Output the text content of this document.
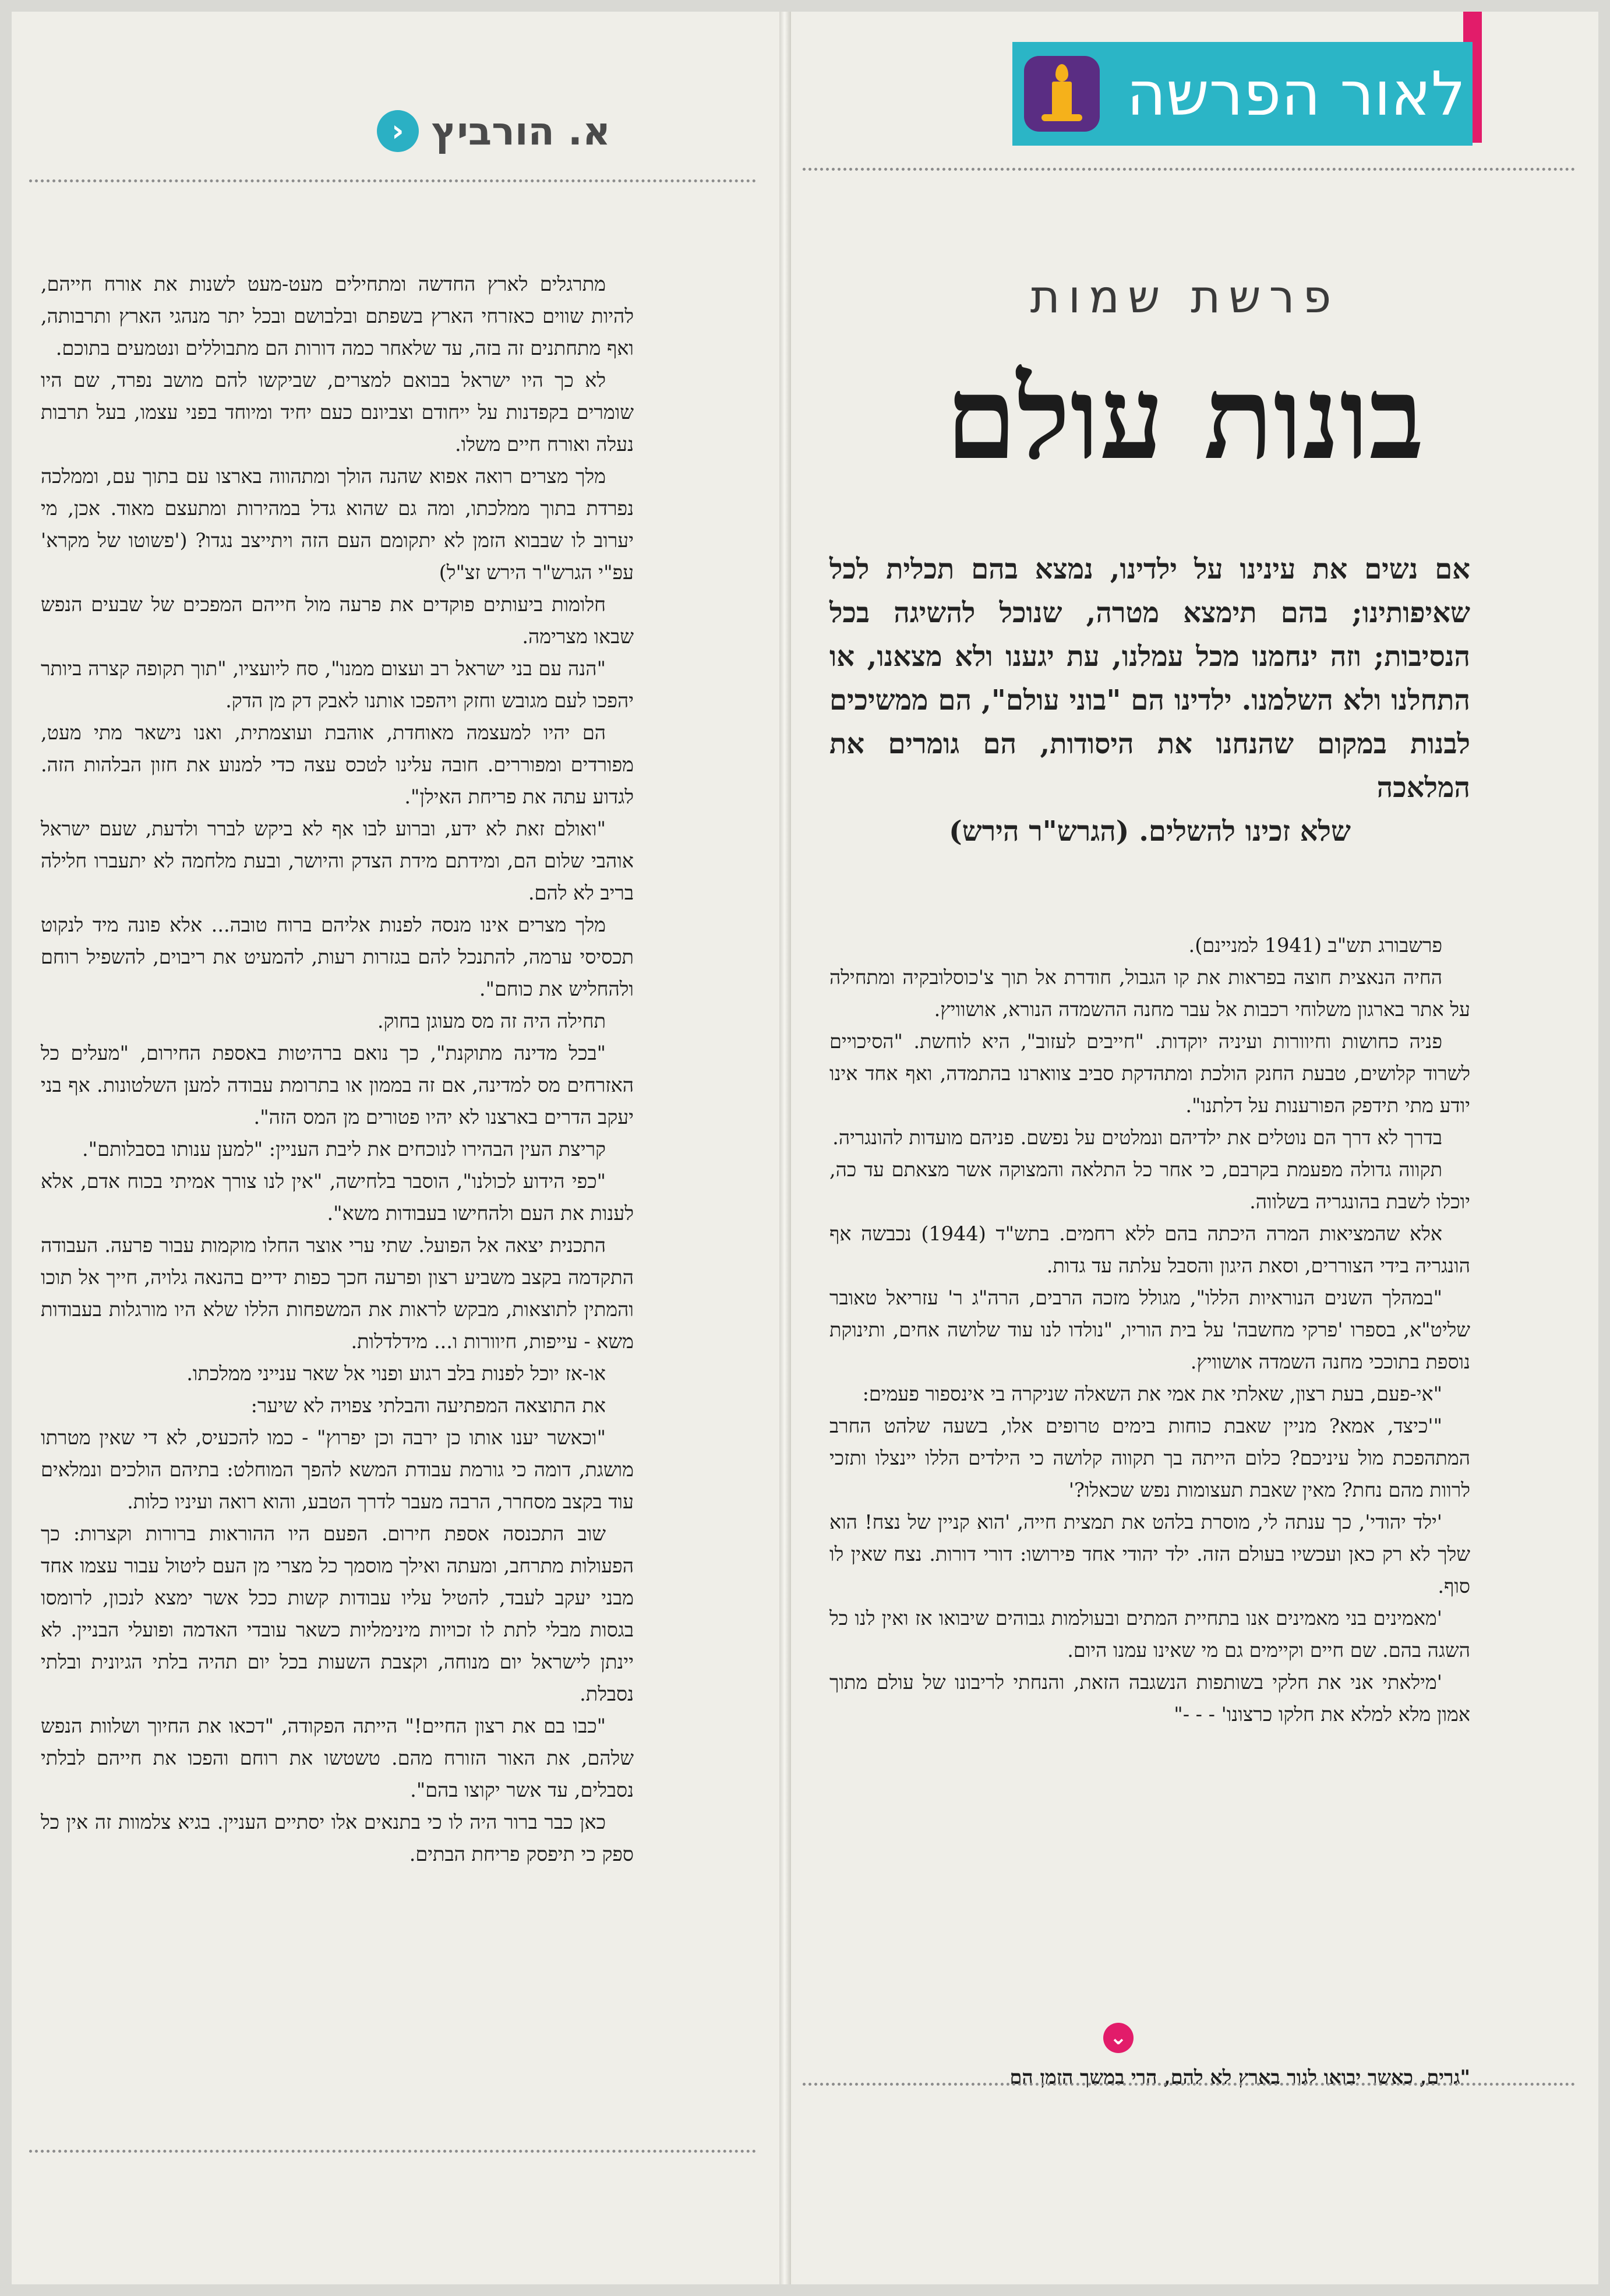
א. הורביץ
‹

מתרגלים לארץ החדשה ומתחילים מעט-מעט לשנות את אורח חייהם, להיות שווים כאזרחי הארץ בשפתם ובלבושם ובכל יתר מנהגי הארץ ותרבותה, ואף מתחתנים זה בזה, עד שלאחר כמה דורות הם מתבוללים ונטמעים בתוכם.

לא כך היו ישראל בבואם למצרים, שביקשו להם מושב נפרד, שם היו שומרים בקפדנות על ייחודם וצביונם כעם יחיד ומיוחד בפני עצמו, בעל תרבות נעלה ואורח חיים משלו.

מלך מצרים רואה אפוא שהנה הולך ומתהווה בארצו עם בתוך עם, וממלכה נפרדת בתוך ממלכתו, ומה גם שהוא גדל במהירות ומתעצם מאוד. אכן, מי יערוב לו שבבוא הזמן לא יתקומם העם הזה ויתייצב נגדו? ('פשוטו של מקרא' עפ"י הגרש"ר הירש זצ"ל)

חלומות ביעותים פוקדים את פרעה מול חייהם המפכים של שבעים הנפש שבאו מצרימה.

"הנה עם בני ישראל רב ועצום ממנו", סח ליועציו, "תוך תקופה קצרה ביותר יהפכו לעם מגובש וחזק ויהפכו אותנו לאבק דק מן הדק.

הם יהיו למעצמה מאוחדת, אוהבת ועוצמתית, ואנו נישאר מתי מעט, מפורדים ומפוררים. חובה עלינו לטכס עצה כדי למנוע את חזון הבלהות הזה. לגדוע עתה את פריחת האילן".

"ואולם זאת לא ידע, וברוע לבו אף לא ביקש לברר ולדעת, שעם ישראל אוהבי שלום הם, ומידתם מידת הצדק והיושר, ובעת מלחמה לא יתעברו חלילה בריב לא להם.

מלך מצרים אינו מנסה לפנות אליהם ברוח טובה... אלא פונה מיד לנקוט תכסיסי ערמה, להתנכל להם בגזרות רעות, להמעיט את ריבוים, להשפיל רוחם ולהחליש את כוחם".

תחילה היה זה מס מעוגן בחוק.

"בכל מדינה מתוקנת", כך נואם ברהיטות באספת החירום, "מעלים כל האזרחים מס למדינה, אם זה בממון או בתרומת עבודה למען השלטונות. אף בני יעקב הדרים בארצנו לא יהיו פטורים מן המס הזה".

קריצת העין הבהירו לנוכחים את ליבת העניין: "למען ענותו בסבלותם".

"כפי הידוע לכולנו", הוסבר בלחישה, "אין לנו צורך אמיתי בכוח אדם, אלא לענות את העם ולהחישו בעבודות משא".

התכנית יצאה אל הפועל. שתי ערי אוצר החלו מוקמות עבור פרעה. העבודה התקדמה בקצב משביע רצון ופרעה חכך כפות ידיים בהנאה גלויה, חייך אל תוכו והמתין לתוצאות, מבקש לראות את המשפחות הללו שלא היו מורגלות בעבודות משא - עייפות, חיוורות ו... מידלדלות.

או-אז יוכל לפנות בלב רגוע ופנוי אל שאר ענייני ממלכתו.

את התוצאה המפתיעה והבלתי צפויה לא שיער:

"וכאשר יענו אותו כן ירבה וכן יפרוץ" - כמו להכעיס, לא די שאין מטרתו מושגת, דומה כי גורמת עבודת המשא להפך המוחלט: בתיהם הולכים ונמלאים עוד בקצב מסחרר, הרבה מעבר לדרך הטבע, והוא רואה ועיניו כלות.

שוב התכנסה אספת חירום. הפעם היו ההוראות ברורות וקצרות: כך הפעולות מתרחב, ומעתה ואילך מוסמך כל מצרי מן העם ליטול עבור עצמו אחד מבני יעקב לעבד, להטיל עליו עבודות קשות ככל אשר ימצא לנכון, לרומסו בגסות מבלי לתת לו זכויות מינימליות כשאר עובדי האדמה ופועלי הבניין. לא יינתן לישראל יום מנוחה, וקצבת השעות בכל יום תהיה בלתי הגיונית ובלתי נסבלת.

"כבו בם את רצון החיים!" הייתה הפקודה, "דכאו את החיוך ושלוות הנפש שלהם, את האור הזורח מהם. טשטשו את רוחם והפכו את חייהם לבלתי נסבלים, עד אשר יקוצו בהם".

כאן כבר ברור היה לו כי בתנאים אלו יסתיים העניין. בגיא צלמוות זה אין כל ספק כי תיפסק פריחת הבתים.

לאור הפרשה
פרשת שמות
בונות עולם

אם נשים את עינינו על ילדינו, נמצא בהם תכלית לכל שאיפותינו; בהם תימצא מטרה, שנוכל להשיגה בכל הנסיבות; וזה ינחמנו מכל עמלנו, עת יגענו ולא מצאנו, או התחלנו ולא השלמנו. ילדינו הם "בוני עולם", הם ממשיכים לבנות במקום שהנחנו את היסודות, הם גומרים את המלאכה

שלא זכינו להשלים. (הגרש"ר הירש)

פרשבורג תש"ב (1941 למניינם).

החיה הנאצית חוצה בפראות את קו הגבול, חודרת אל תוך צ'כוסלובקיה ומתחילה על אתר בארגון משלוחי רכבות אל עבר מחנה ההשמדה הנורא, אושוויץ.

פניה כחושות וחיוורות ועיניה יוקדות. "חייבים לעזוב", היא לוחשת. "הסיכויים לשרוד קלושים, טבעת החנק הולכת ומתהדקת סביב צווארנו בהתמדה, ואף אחד אינו יודע מתי תידפק הפורענות על דלתנו".

בדרך לא דרך הם נוטלים את ילדיהם ונמלטים על נפשם. פניהם מועדות להונגריה.

תקווה גדולה מפעמת בקרבם, כי אחר כל התלאה והמצוקה אשר מצאתם עד כה, יוכלו לשבת בהונגריה בשלווה.

אלא שהמציאות המרה היכתה בהם ללא רחמים. בתש"ד (1944) נכבשה אף הונגריה בידי הצוררים, וסאת היגון והסבל עלתה עד גדות.

"במהלך השנים הנוראיות הללו", מגולל מזכה הרבים, הרה"ג ר' עזריאל טאובר שליט"א, בספרו 'פרקי מחשבה' על בית הוריו, "נולדו לנו עוד שלושה אחים, ותינוקת נוספת בתוככי מחנה השמדה אושוויץ.

"אי-פעם, בעת רצון, שאלתי את אמי את השאלה שניקרה בי אינספור פעמים:

"'כיצד, אמא? מניין שאבת כוחות בימים טרופים אלו, בשעה שלהט החרב המתהפכת מול עיניכם? כלום הייתה בך תקווה קלושה כי הילדים הללו יינצלו ותזכי לרוות מהם נחת? מאין שאבת תעצומות נפש שכאלו?'

'ילד יהודי', כך ענתה לי, מוסרת בלהט את תמצית חייה, 'הוא קניין של נצח! הוא שלך לא רק כאן ועכשיו בעולם הזה. ילד יהודי אחד פירושו: דורי דורות. נצח שאין לו סוף.

'מאמינים בני מאמינים אנו בתחיית המתים ובעולמות גבוהים שיבואו אז ואין לנו כל השגה בהם. שם חיים וקיימים גם מי שאינו עמנו היום.

'מילאתי אני את חלקי בשותפות הנשגבה הזאת, והנחתי לריבונו של עולם מתוך אמון מלא למלא את חלקו כרצונו' - - -"

⌄
"גרים, כאשר יבואו לגור בארץ לא להם, הרי במשך הזמן הם
